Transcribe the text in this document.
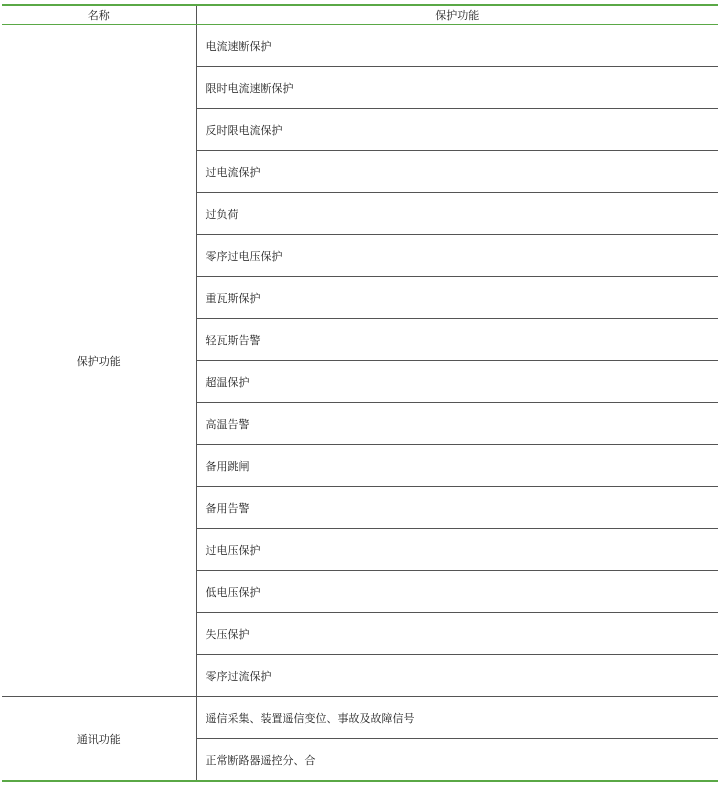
名称	保护功能
保护功能	电流速断保护
	限时电流速断保护
	反时限电流保护
	过电流保护
	过负荷
	零序过电压保护
	重瓦斯保护
	轻瓦斯告警
	超温保护
	高温告警
	备用跳闸
	备用告警
	过电压保护
	低电压保护
	失压保护
	零序过流保护
通讯功能	遥信采集、装置遥信变位、事故及故障信号
	正常断路器遥控分、合
